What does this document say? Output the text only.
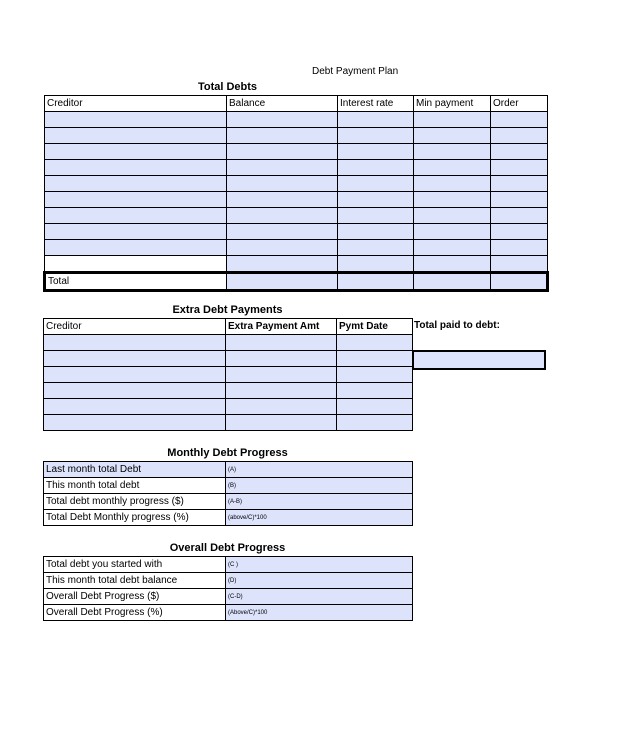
Debt Payment Plan
Total Debts
Creditor	Balance	Interest rate	Min payment	Order

Total				
Extra Debt Payments
Creditor	Extra Payment Amt	Pymt Date

			Total paid to debt:
Monthly Debt Progress
Last month total Debt	(A)
This month total debt	(B)
Total debt monthly progress ($)	(A-B)
Total Debt Monthly progress (%)	(above/C)*100
Overall Debt Progress
Total debt you started with	(C )
This month total debt balance	(D)
Overall Debt Progress ($)	(C-D)
Overall Debt Progress (%)	(Above/C)*100
